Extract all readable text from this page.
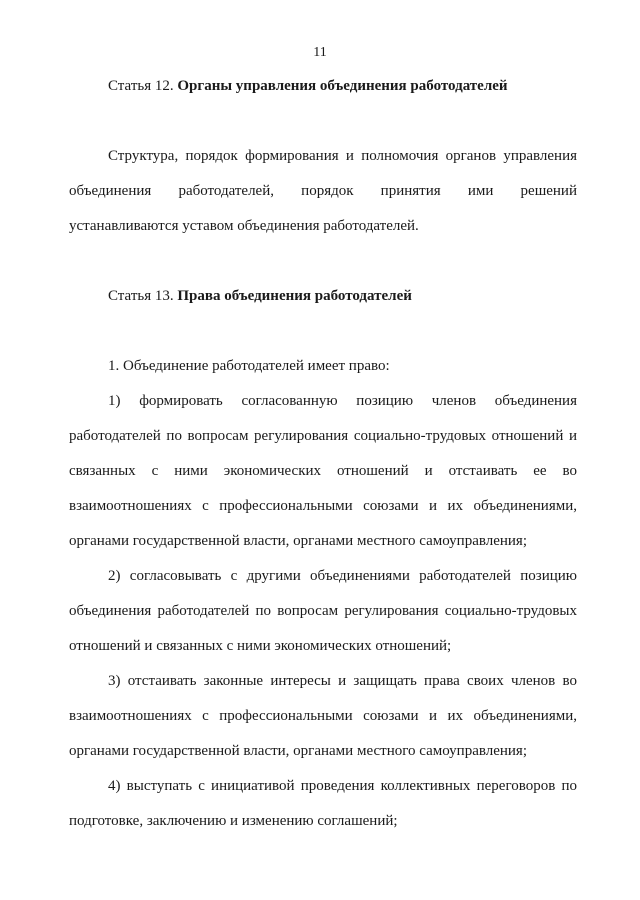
11
Статья 12. Органы управления объединения работодателей
Структура, порядок формирования и полномочия органов управления
объединения работодателей, порядок принятия ими решений
устанавливаются уставом объединения работодателей.
Статья 13. Права объединения работодателей
1. Объединение работодателей имеет право:
1) формировать согласованную позицию членов объединения
работодателей по вопросам регулирования социально-трудовых отношений и
связанных с ними экономических отношений и отстаивать ее во
взаимоотношениях с профессиональными союзами и их объединениями,
органами государственной власти, органами местного самоуправления;
2) согласовывать с другими объединениями работодателей позицию
объединения работодателей по вопросам регулирования социально-трудовых
отношений и связанных с ними экономических отношений;
3) отстаивать законные интересы и защищать права своих членов во
взаимоотношениях с профессиональными союзами и их объединениями,
органами государственной власти, органами местного самоуправления;
4) выступать с инициативой проведения коллективных переговоров по
подготовке, заключению и изменению соглашений;
